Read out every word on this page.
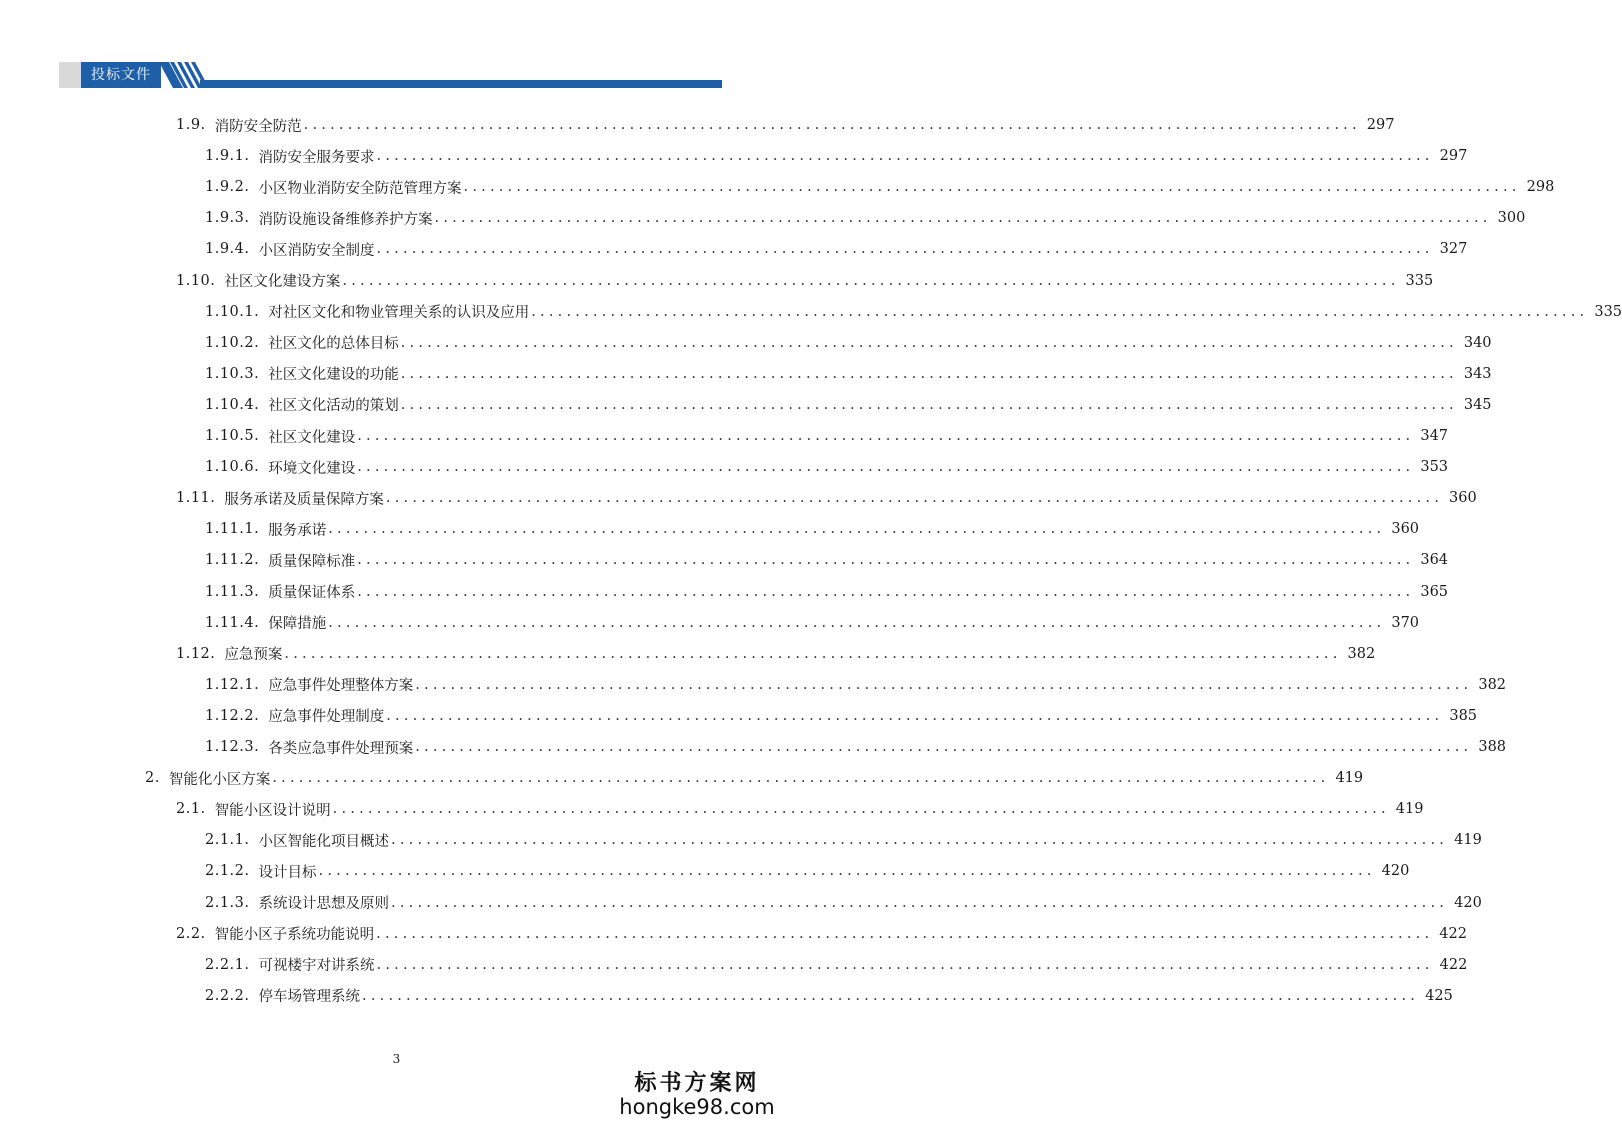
投标文件
1.9. 消防安全防范 ........................................................................................................................ 297
1.9.1. 消防安全服务要求 ........................................................................................................................ 297
1.9.2. 小区物业消防安全防范管理方案 ........................................................................................................................ 298
1.9.3. 消防设施设备维修养护方案 ........................................................................................................................ 300
1.9.4. 小区消防安全制度 ........................................................................................................................ 327
1.10. 社区文化建设方案 ........................................................................................................................ 335
1.10.1. 对社区文化和物业管理关系的认识及应用 ........................................................................................................................ 335
1.10.2. 社区文化的总体目标 ........................................................................................................................ 340
1.10.3. 社区文化建设的功能 ........................................................................................................................ 343
1.10.4. 社区文化活动的策划 ........................................................................................................................ 345
1.10.5. 社区文化建设 ........................................................................................................................ 347
1.10.6. 环境文化建设 ........................................................................................................................ 353
1.11. 服务承诺及质量保障方案 ........................................................................................................................ 360
1.11.1. 服务承诺 ........................................................................................................................ 360
1.11.2. 质量保障标准 ........................................................................................................................ 364
1.11.3. 质量保证体系 ........................................................................................................................ 365
1.11.4. 保障措施 ........................................................................................................................ 370
1.12. 应急预案 ........................................................................................................................ 382
1.12.1. 应急事件处理整体方案 ........................................................................................................................ 382
1.12.2. 应急事件处理制度 ........................................................................................................................ 385
1.12.3. 各类应急事件处理预案 ........................................................................................................................ 388
2. 智能化小区方案 ........................................................................................................................ 419
2.1. 智能小区设计说明 ........................................................................................................................ 419
2.1.1. 小区智能化项目概述 ........................................................................................................................ 419
2.1.2. 设计目标 ........................................................................................................................ 420
2.1.3. 系统设计思想及原则 ........................................................................................................................ 420
2.2. 智能小区子系统功能说明 ........................................................................................................................ 422
2.2.1. 可视楼宇对讲系统 ........................................................................................................................ 422
2.2.2. 停车场管理系统 ........................................................................................................................ 425
3
标书方案网
hongke98.com
